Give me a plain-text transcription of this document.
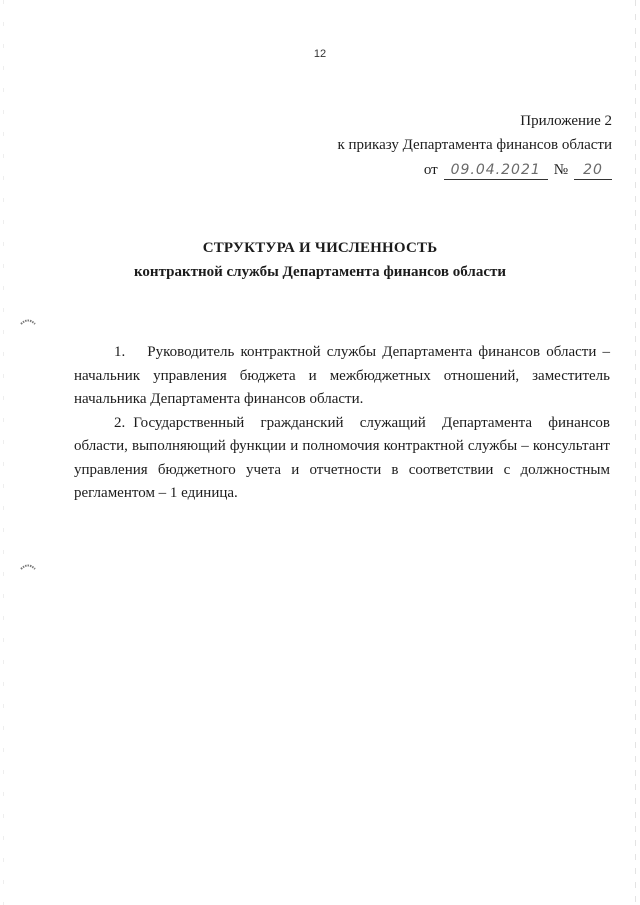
12
Приложение 2
к приказу Департамента финансов области
от 09.04.2021 №	20
СТРУКТУРА И ЧИСЛЕННОСТЬ
контрактной службы Департамента финансов области

1. Руководитель контрактной службы Департамента финансов области – начальник управления бюджета и межбюджетных отношений, заместитель начальника Департамента финансов области.

2. Государственный гражданский служащий Департамента финансов области, выполняющий функции и полномочия контрактной службы – консультант управления бюджетного учета и отчетности в соответствии с должностным регламентом – 1 единица.
